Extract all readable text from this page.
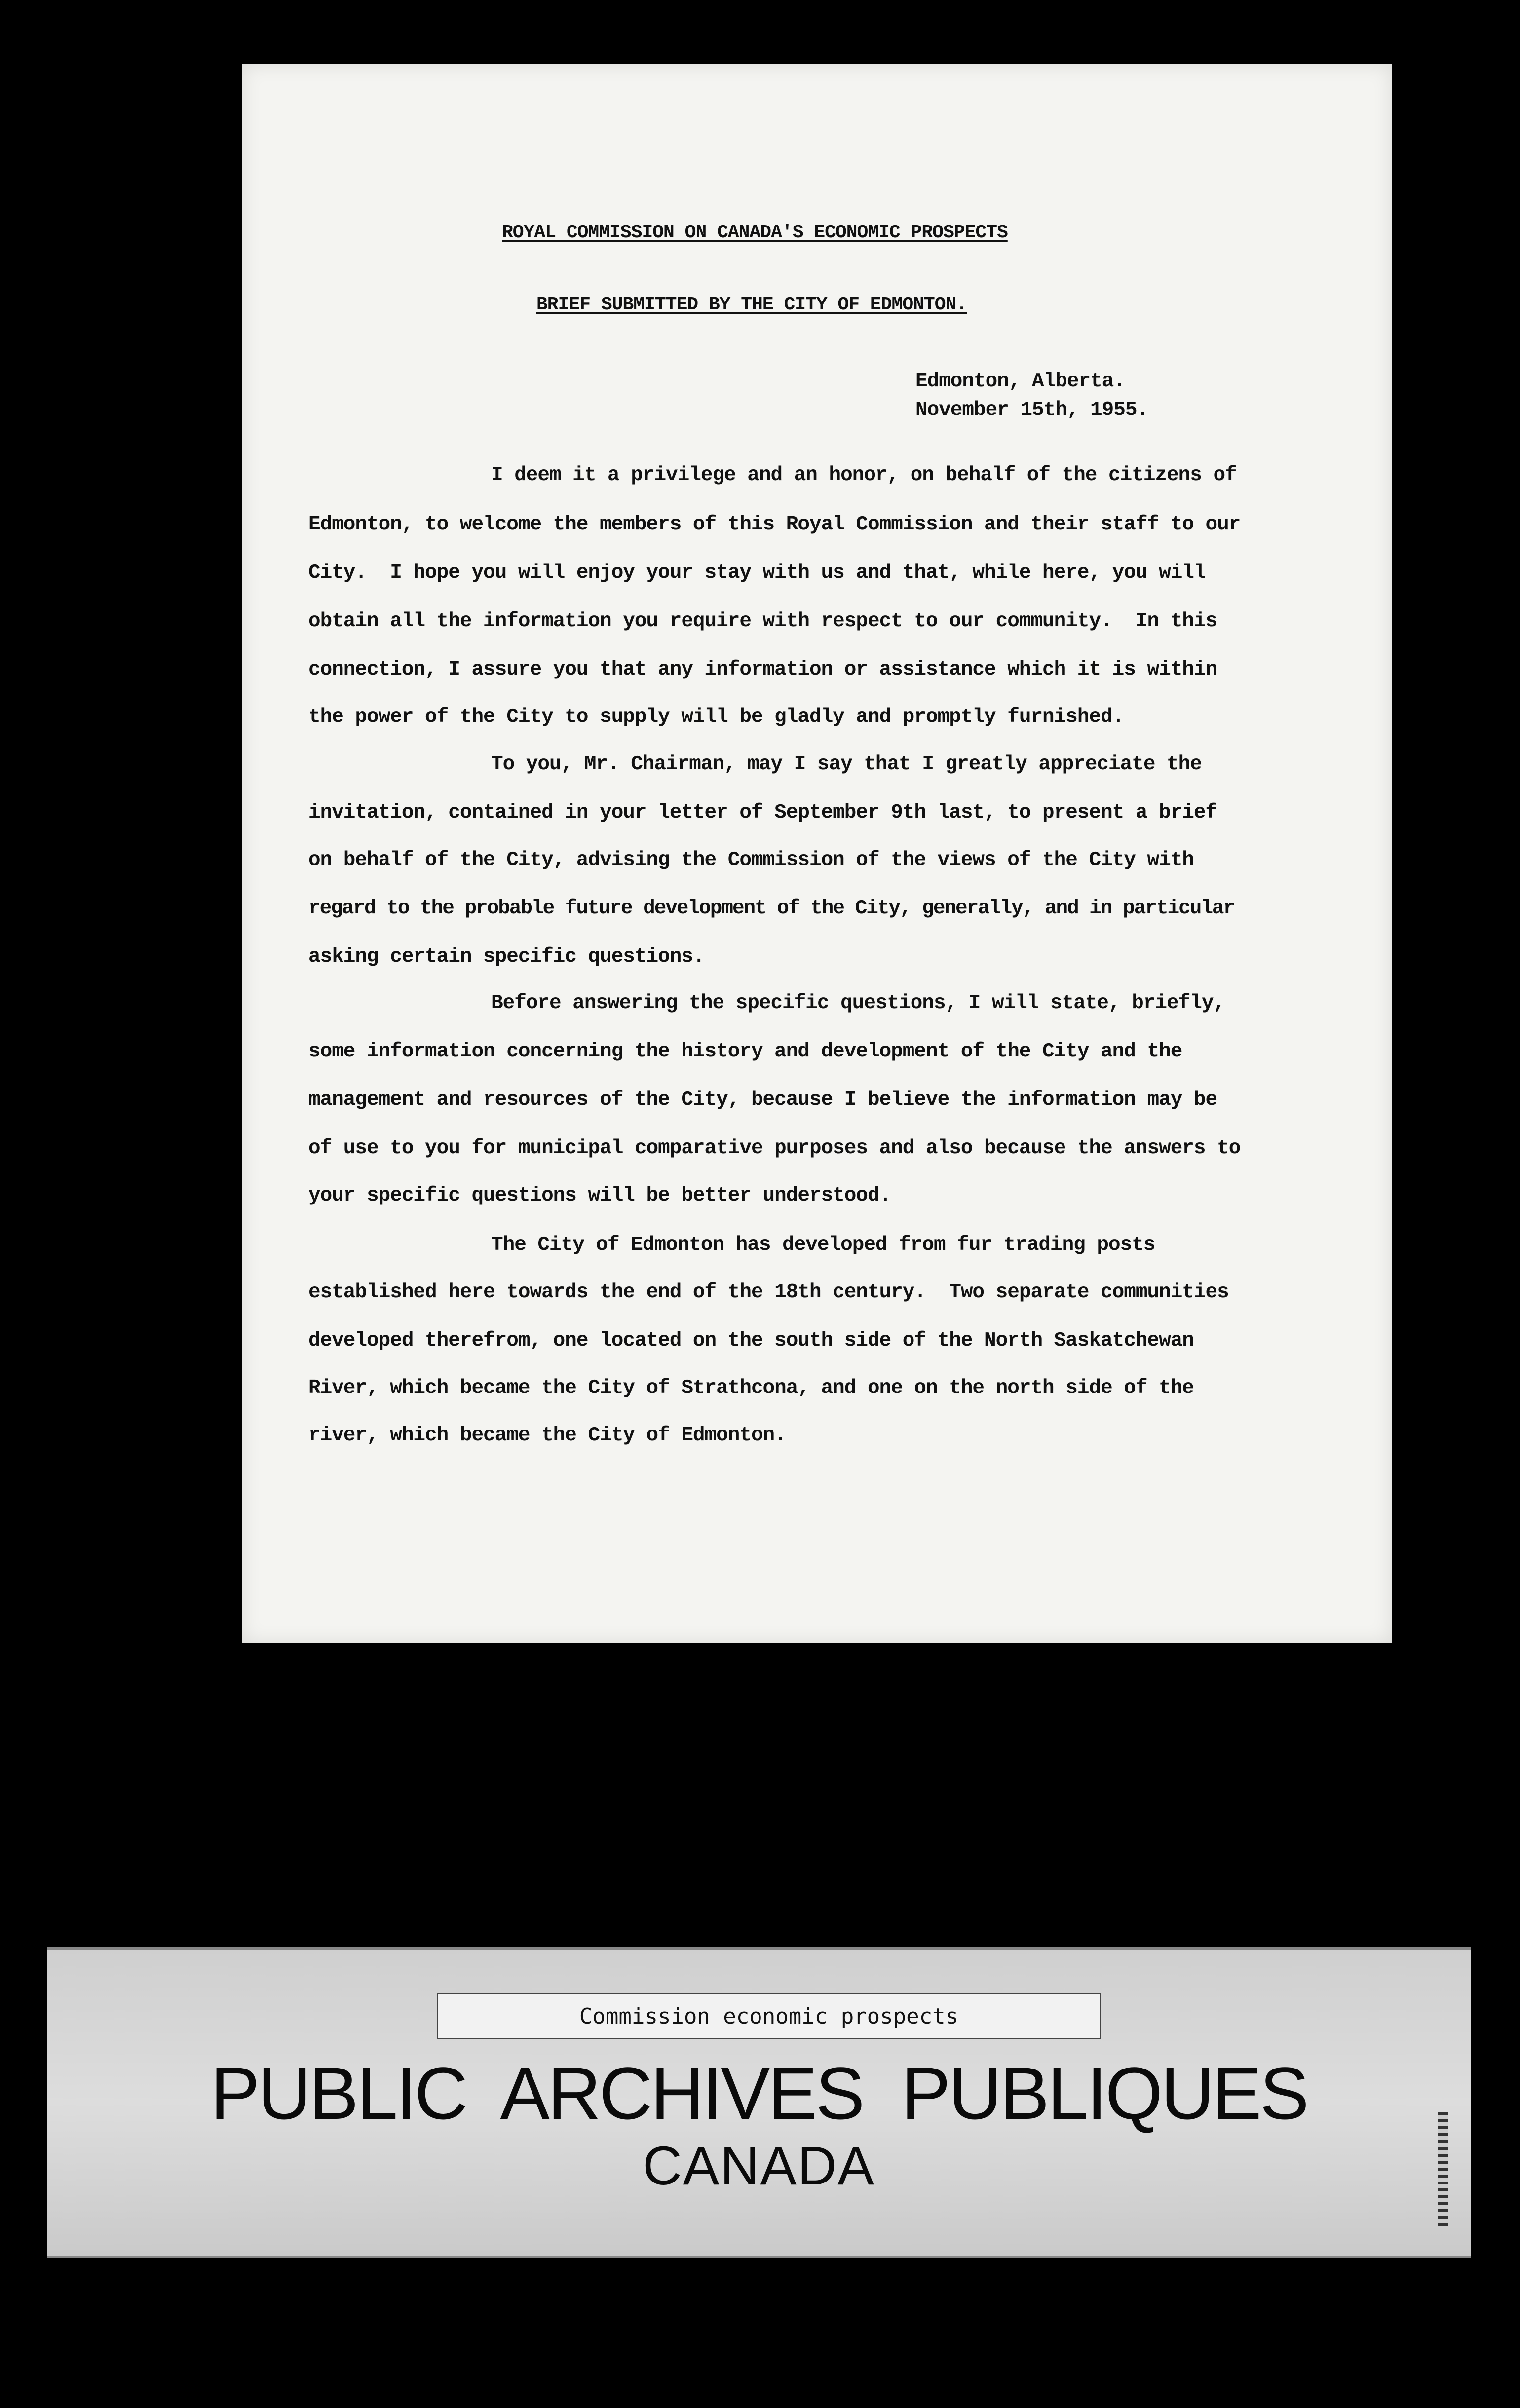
ROYAL COMMISSION ON CANADA'S ECONOMIC PROSPECTS
BRIEF SUBMITTED BY THE CITY OF EDMONTON.
Edmonton, Alberta.
November 15th, 1955.
I deem it a privilege and an honor, on behalf of the citizens of
Edmonton, to welcome the members of this Royal Commission and their staff to our
City.  I hope you will enjoy your stay with us and that, while here, you will
obtain all the information you require with respect to our community.  In this
connection, I assure you that any information or assistance which it is within
the power of the City to supply will be gladly and promptly furnished.
To you, Mr. Chairman, may I say that I greatly appreciate the
invitation, contained in your letter of September 9th last, to present a brief
on behalf of the City, advising the Commission of the views of the City with
regard to the probable future development of the City, generally, and in particular
asking certain specific questions.
Before answering the specific questions, I will state, briefly,
some information concerning the history and development of the City and the
management and resources of the City, because I believe the information may be
of use to you for municipal comparative purposes and also because the answers to
your specific questions will be better understood.
The City of Edmonton has developed from fur trading posts
established here towards the end of the 18th century.  Two separate communities
developed therefrom, one located on the south side of the North Saskatchewan
River, which became the City of Strathcona, and one on the north side of the
river, which became the City of Edmonton.
Commission economic prospects
PUBLIC ARCHIVES PUBLIQUES
CANADA
